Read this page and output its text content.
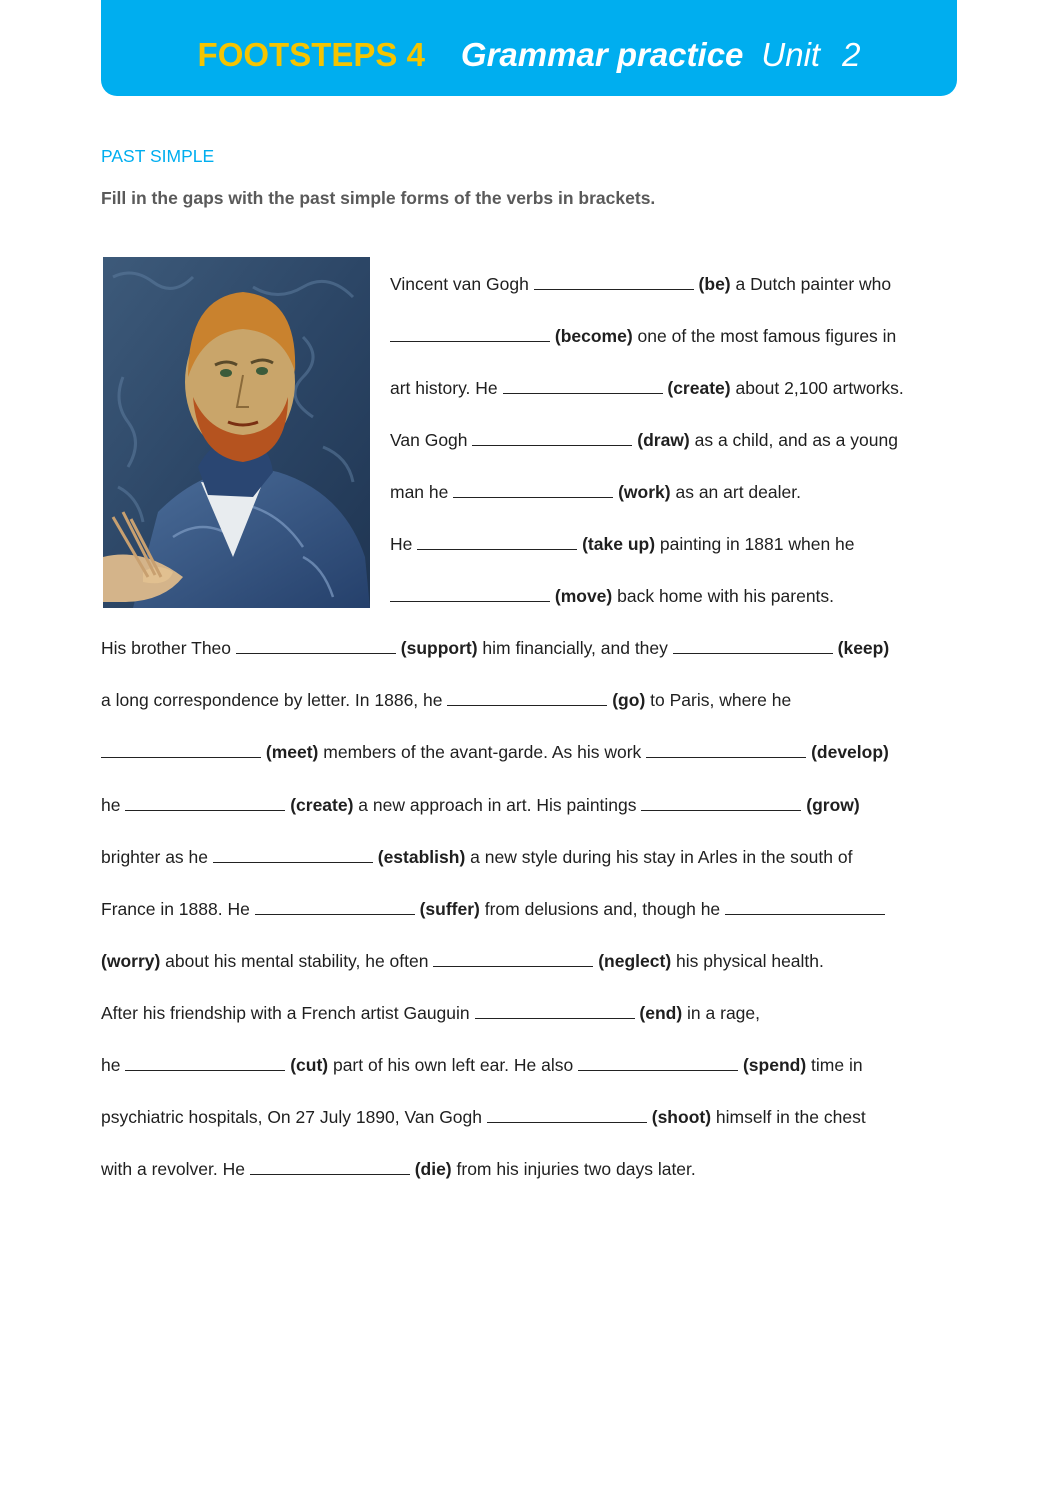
FOOTSTEPS 4 Grammar practice Unit 2
PAST SIMPLE

Fill in the gaps with the past simple forms of the verbs in brackets.

Vincent van Gogh	(be) a Dutch painter who
(become) one of the most famous figures in
art history. He	(create) about 2,100 artworks.
Van Gogh	(draw) as a child, and as a young
man he	(work) as an art dealer.
He	(take up) painting in 1881 when he
(move) back home with his parents.
His brother Theo	(support) him financially, and they	(keep)
a long correspondence by letter. In 1886, he	(go) to Paris, where he
(meet) members of the avant-garde. As his work	(develop)
he	(create) a new approach in art. His paintings	(grow)
brighter as he	(establish) a new style during his stay in Arles in the south of
France in 1888. He	(suffer) from delusions and, though he
(worry) about his mental stability, he often	(neglect) his physical health.
After his friendship with a French artist Gauguin	(end) in a rage,
he	(cut) part of his own left ear. He also	(spend) time in
psychiatric hospitals, On 27 July 1890, Van Gogh	(shoot) himself in the chest
with a revolver. He	(die) from his injuries two days later.
